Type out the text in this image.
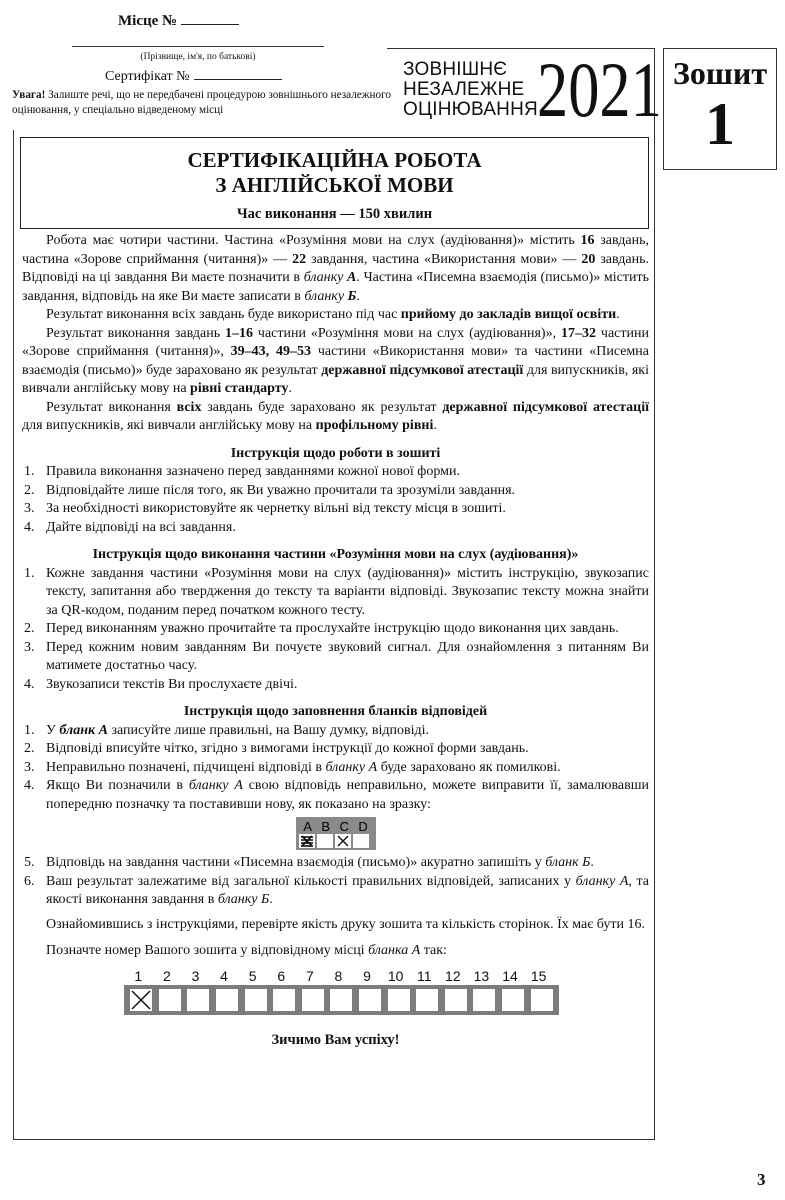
Місце №
(Прізвище, ім'я, по батькові)
Сертифікат №
Увага! Залиште речі, що не передбачені процедурою зовнішнього незалежного оцінювання, у спеціально відведеному місці
ЗОВНІШНЄ
НЕЗАЛЕЖНЕ
ОЦІНЮВАННЯ 2021 Зошит
1
СЕРТИФІКАЦІЙНА РОБОТА
З АНГЛІЙСЬКОЇ МОВИ
Час виконання — 150 хвилин

Робота має чотири частини. Частина «Розуміння мови на слух (аудіювання)» містить 16 завдань, частина «Зорове сприймання (читання)» — 22 завдання, частина «Використання мови» — 20 завдань. Відповіді на ці завдання Ви маєте позначити в бланку А. Частина «Писемна взаємодія (письмо)» містить завдання, відповідь на яке Ви маєте записати в бланку Б.

Результат виконання всіх завдань буде використано під час прийому до закладів вищої освіти.

Результат виконання завдань 1–16 частини «Розуміння мови на слух (аудіювання)», 17–32 частини «Зорове сприймання (читання)», 39–43, 49–53 частини «Використання мови» та частини «Писемна взаємодія (письмо)» буде зараховано як результат державної підсумкової атестації для випускників, які вивчали англійську мову на рівні стандарту.

Результат виконання всіх завдань буде зараховано як результат державної підсумкової атестації для випускників, які вивчали англійську мову на профільному рівні.

Інструкція щодо роботи в зошиті

1. Правила виконання зазначено перед завданнями кожної нової форми.
2. Відповідайте лише після того, як Ви уважно прочитали та зрозуміли завдання.
3. За необхідності використовуйте як чернетку вільні від тексту місця в зошиті.
4. Дайте відповіді на всі завдання.

Інструкція щодо виконання частини «Розуміння мови на слух (аудіювання)»

1. Кожне завдання частини «Розуміння мови на слух (аудіювання)» містить інструкцію, звукозапис тексту, запитання або твердження до тексту та варіанти відповіді. Звукозапис тексту можна знайти за QR-кодом, поданим перед початком кожного тесту.
2. Перед виконанням уважно прочитайте та прослухайте інструкцію щодо виконання цих завдань.
3. Перед кожним новим завданням Ви почуєте звуковий сигнал. Для ознайомлення з питанням Ви матимете достатньо часу.
4. Звукозаписи текстів Ви прослухаєте двічі.

Інструкція щодо заповнення бланків відповідей

1. У бланк А записуйте лише правильні, на Вашу думку, відповіді.
2. Відповіді вписуйте чітко, згідно з вимогами інструкції до кожної форми завдань.
3. Неправильно позначені, підчищені відповіді в бланку А буде зараховано як помилкові.
4. Якщо Ви позначили в бланку А свою відповідь неправильно, можете виправити її, замалювавши попередню позначку та поставивши нову, як показано на зразку:
A B C D
5. Відповідь на завдання частини «Писемна взаємодія (письмо)» акуратно запишіть у бланк Б.
6. Ваш результат залежатиме від загальної кількості правильних відповідей, записаних у бланку А, та якості виконання завдання в бланку Б.

Ознайомившись з інструкціями, перевірте якість друку зошита та кількість сторінок. Їх має бути 16.

Позначте номер Вашого зошита у відповідному місці бланка А так:

1	2	3	4	5	6	7	8	9	10 11 12 13 14 15
Зичимо Вам успіху!
3
